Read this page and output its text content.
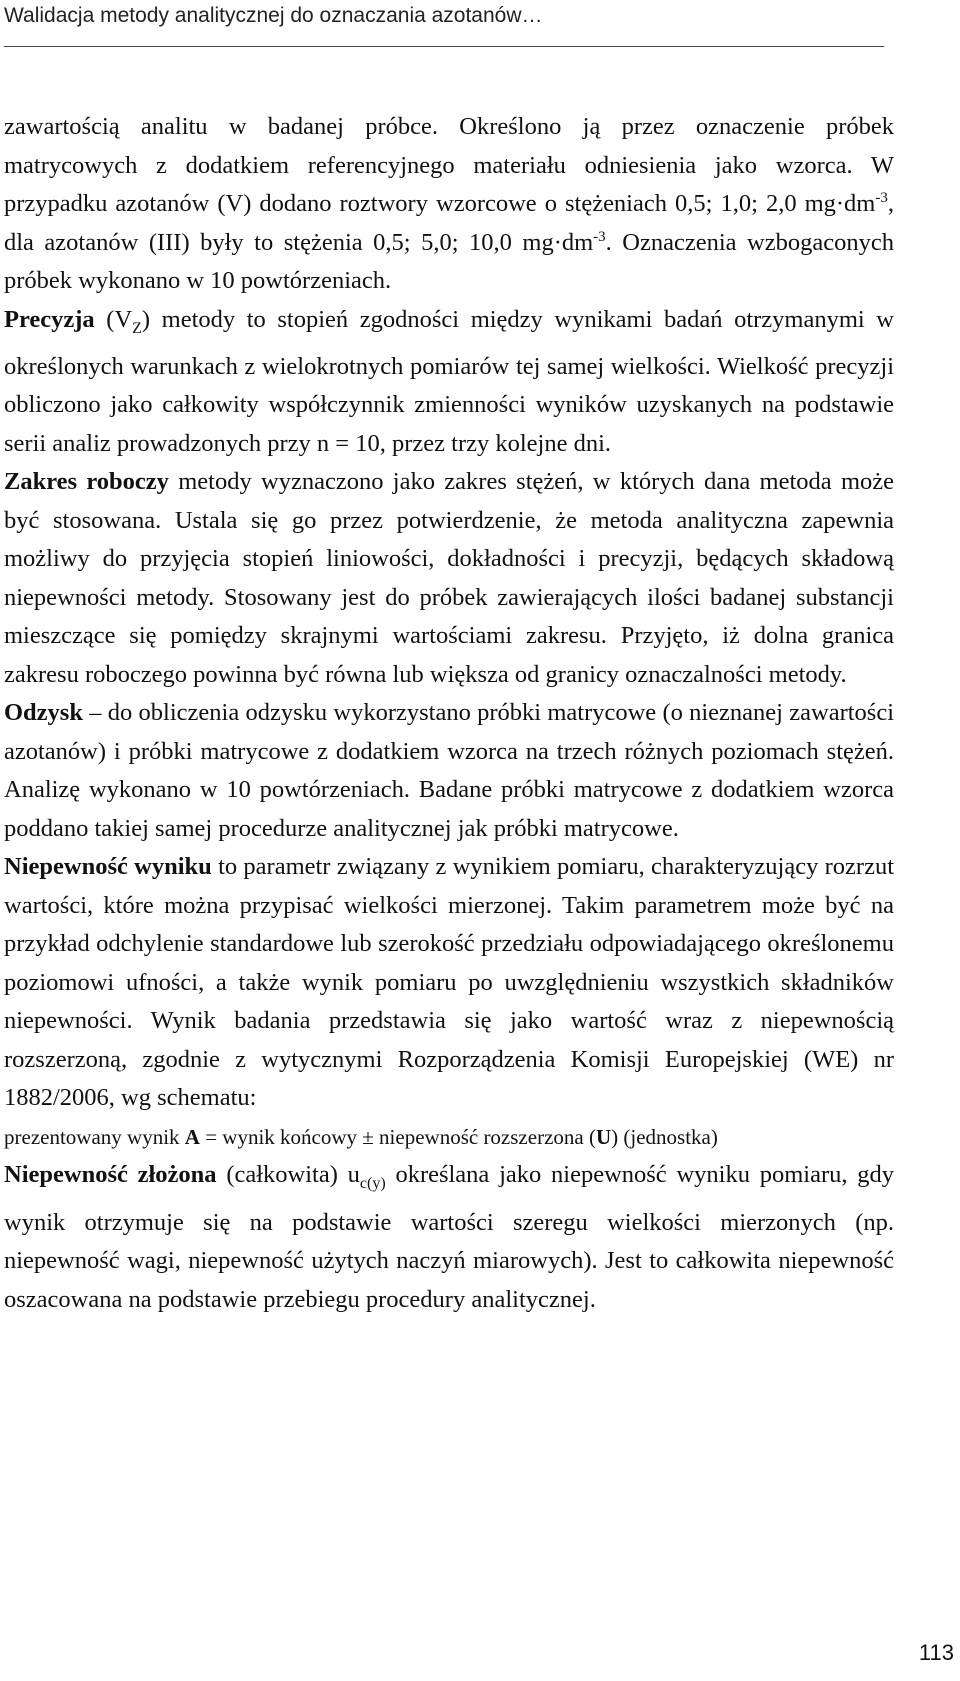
Walidacja metody analitycznej do oznaczania azotanów…

zawartością analitu w badanej próbce. Określono ją przez oznaczenie próbek matrycowych z dodatkiem referencyjnego materiału odniesienia jako wzorca. W przypadku azotanów (V) dodano roztwory wzorcowe o stężeniach 0,5; 1,0; 2,0 $mg\cdot dm^{-3}$, dla azotanów (III) były to stężenia 0,5; 5,0; 10,0 $mg\cdot dm^{-3}$. Oznaczenia wzbogaconych próbek wykonano w 10 powtórzeniach.

Precyzja $(V_Z)$ metody to stopień zgodności między wynikami badań otrzymanymi w określonych warunkach z wielokrotnych pomiarów tej samej wielkości. Wielkość precyzji obliczono jako całkowity współczynnik zmienności wyników uzyskanych na podstawie serii analiz prowadzonych przy n = 10, przez trzy kolejne dni.

Zakres roboczy metody wyznaczono jako zakres stężeń, w których dana metoda może być stosowana. Ustala się go przez potwierdzenie, że metoda analityczna zapewnia możliwy do przyjęcia stopień liniowości, dokładności i precyzji, będących składową niepewności metody. Stosowany jest do próbek zawierających ilości badanej substancji mieszczące się pomiędzy skrajnymi wartościami zakresu. Przyjęto, iż dolna granica zakresu roboczego powinna być równa lub większa od granicy oznaczalności metody.

Odzysk – do obliczenia odzysku wykorzystano próbki matrycowe (o nieznanej zawartości azotanów) i próbki matrycowe z dodatkiem wzorca na trzech różnych poziomach stężeń. Analizę wykonano w 10 powtórzeniach. Badane próbki matrycowe z dodatkiem wzorca poddano takiej samej procedurze analitycznej jak próbki matrycowe.

Niepewność wyniku to parametr związany z wynikiem pomiaru, charakteryzujący rozrzut wartości, które można przypisać wielkości mierzonej. Takim parametrem może być na przykład odchylenie standardowe lub szerokość przedziału odpowiadającego określonemu poziomowi ufności, a także wynik pomiaru po uwzględnieniu wszystkich składników niepewności. Wynik badania przedstawia się jako wartość wraz z niepewnością rozszerzoną, zgodnie z wytycznymi Rozporządzenia Komisji Europejskiej (WE) nr 1882/2006, wg schematu:

prezentowany wynik A = wynik końcowy ± niepewność rozszerzona (U) (jednostka)

Niepewność złożona (całkowita) $u_{c(y)}$ określana jako niepewność wyniku pomiaru, gdy wynik otrzymuje się na podstawie wartości szeregu wielkości mierzonych (np. niepewność wagi, niepewność użytych naczyń miarowych). Jest to całkowita niepewność oszacowana na podstawie przebiegu procedury analitycznej.

113
